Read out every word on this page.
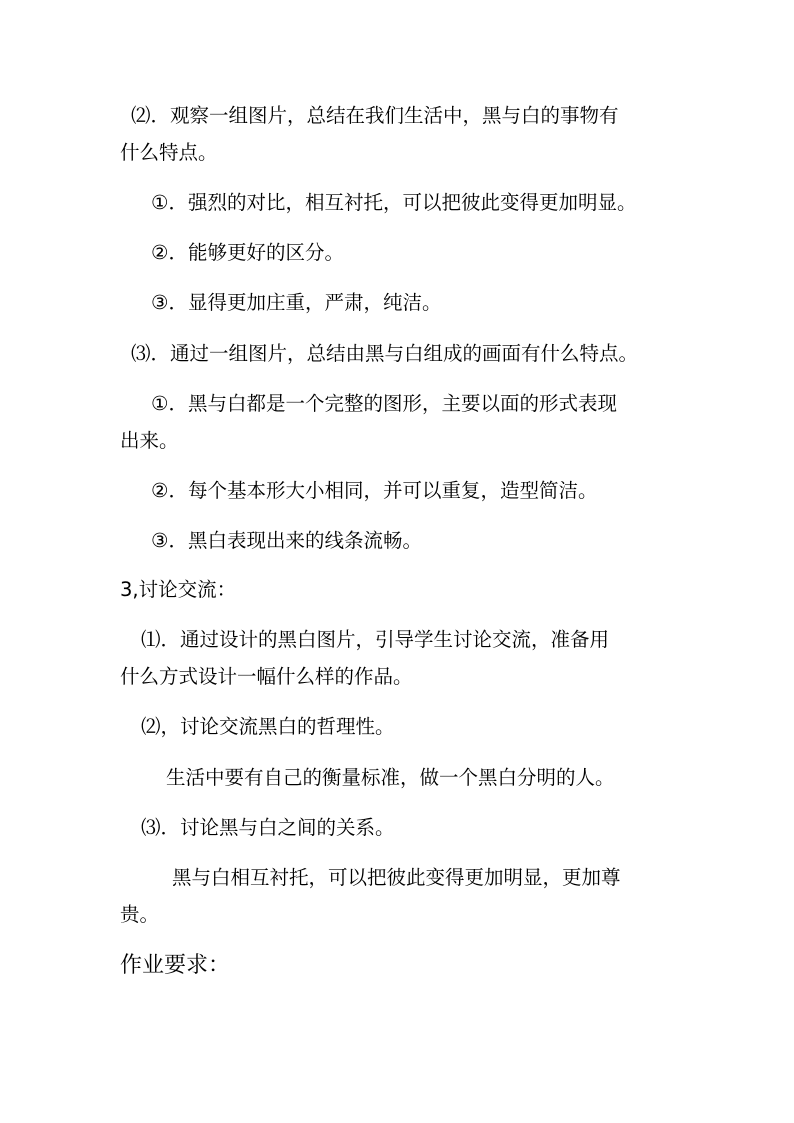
⑵．观察一组图片，总结在我们生活中，黑与白的事物有

什么特点。

①．强烈的对比，相互衬托，可以把彼此变得更加明显。

②．能够更好的区分。

③．显得更加庄重，严肃，纯洁。

⑶．通过一组图片，总结由黑与白组成的画面有什么特点。

①．黑与白都是一个完整的图形，主要以面的形式表现

出来。

②．每个基本形大小相同，并可以重复，造型简洁。

③．黑白表现出来的线条流畅。

3,讨论交流：

⑴．通过设计的黑白图片，引导学生讨论交流，准备用

什么方式设计一幅什么样的作品。

⑵，讨论交流黑白的哲理性。

生活中要有自己的衡量标准，做一个黑白分明的人。

⑶．讨论黑与白之间的关系。

黑与白相互衬托，可以把彼此变得更加明显，更加尊

贵。

作业要求：
